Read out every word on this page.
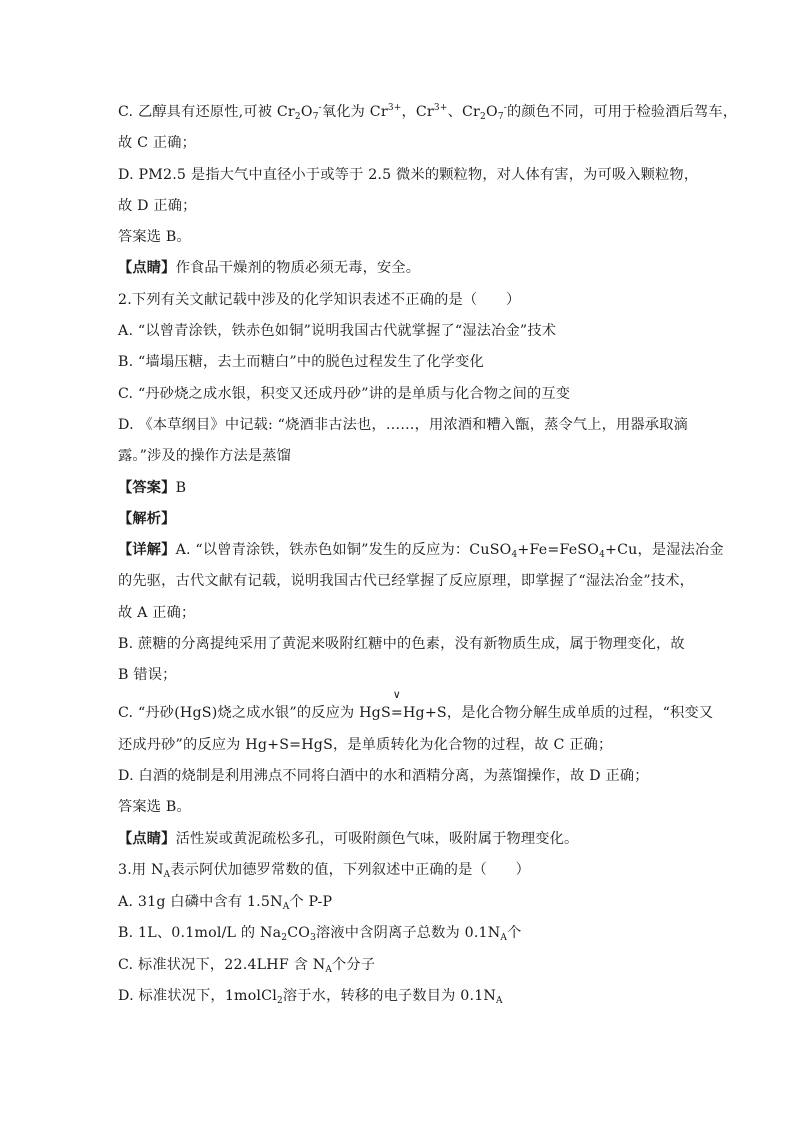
C. 乙醇具有还原性,可被 $Cr_2O_7^-$氧化为 $Cr^{3+}$，$Cr^{3+}$、$Cr_2O_7^-$的颜色不同，可用于检验酒后驾车，
故 C 正确；
D. PM2.5 是指大气中直径小于或等于 2.5 微米的颗粒物，对人体有害，为可吸入颗粒物，
故 D 正确；
答案选 B。
【点睛】作食品干燥剂的物质必须无毒，安全。
2.下列有关文献记载中涉及的化学知识表述不正确的是（　　）
A. “以曾青涂铁，铁赤色如铜”说明我国古代就掌握了“湿法冶金”技术
B. “墙塌压糖，去土而糖白”中的脱色过程发生了化学变化
C. “丹砂烧之成水银，积变又还成丹砂”讲的是单质与化合物之间的互变
D. 《本草纲目》中记载: “烧酒非古法也，……，用浓酒和糟入甑，蒸令气上，用器承取滴
露。”涉及的操作方法是蒸馏
【答案】B
【解析】
【详解】A. “以曾青涂铁，铁赤色如铜”发生的反应为：CuSO$_4$+Fe=FeSO$_4$+Cu，是湿法冶金
的先驱，古代文献有记载，说明我国古代已经掌握了反应原理，即掌握了“湿法冶金”技术，
故 A 正确；
B. 蔗糖的分离提纯采用了黄泥来吸附红糖中的色素，没有新物质生成，属于物理变化，故
B 错误；
C. “丹砂(HgS)烧之成水银”的反应为 HgS
∨
=Hg+S，是化合物分解生成单质的过程，“积变又
还成丹砂”的反应为 Hg+S=HgS，是单质转化为化合物的过程，故 C 正确；
D. 白酒的烧制是利用沸点不同将白酒中的水和酒精分离，为蒸馏操作，故 D 正确；
答案选 B。
【点睛】活性炭或黄泥疏松多孔，可吸附颜色气味，吸附属于物理变化。
3.用 $N_A$表示阿伏加德罗常数的值，下列叙述中正确的是（　　）
A. 31g 白磷中含有 $1.5N_A$个 P-P
B. 1L、0.1mol/L 的 $Na_2CO_3$溶液中含阴离子总数为 $0.1N_A$个
C. 标准状况下，22.4LHF 含 $N_A$个分子
D. 标准状况下，1molCl$_2$溶于水，转移的电子数目为 $0.1N_A$
